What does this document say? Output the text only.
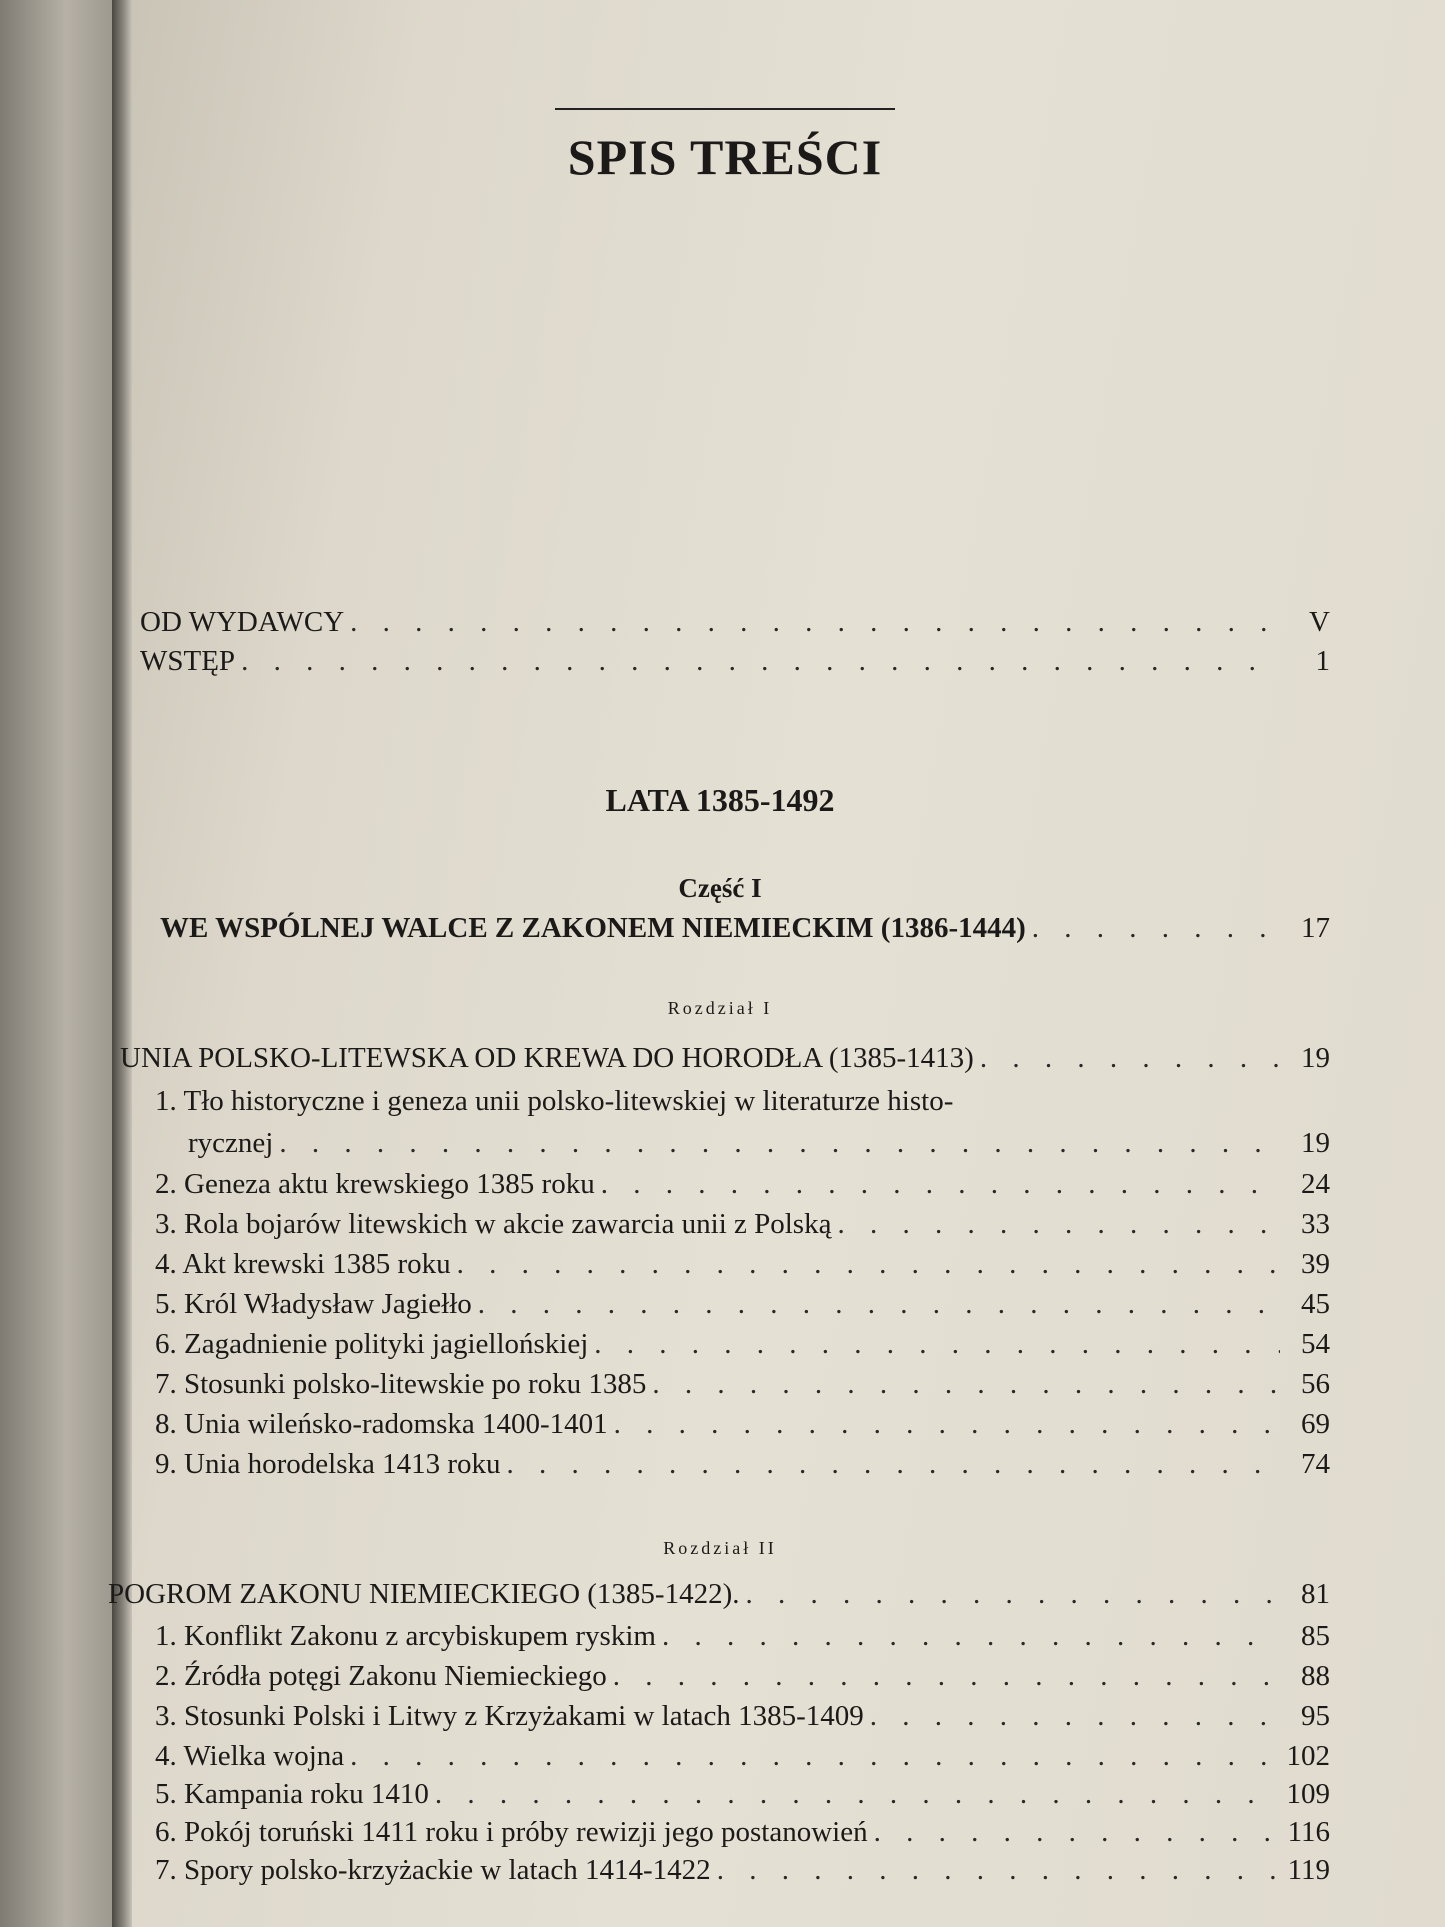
SPIS TREŚCI
OD WYDAWCY . . .	V
WSTĘP . . .	1
LATA 1385-1492
Część I
WE WSPÓLNEJ WALCE Z ZAKONEM NIEMIECKIM (1386-1444) . . .	17
Rozdział I
UNIA POLSKO-LITEWSKA OD KREWA DO HORODŁA (1385-1413) . . .	19
1. Tło historyczne i geneza unii polsko-litewskiej w literaturze histo-
rycznej . . .	19
2. Geneza aktu krewskiego 1385 roku . . .	24
3. Rola bojarów litewskich w akcie zawarcia unii z Polską . . .	33
4. Akt krewski 1385 roku . . .	39
5. Król Władysław Jagiełło . . .	45
6. Zagadnienie polityki jagiellońskiej . . .	54
7. Stosunki polsko-litewskie po roku 1385 . . .	56
8. Unia wileńsko-radomska 1400-1401 . . .	69
9. Unia horodelska 1413 roku . . .	74
Rozdział II
POGROM ZAKONU NIEMIECKIEGO (1385-1422). . . .	81
1. Konflikt Zakonu z arcybiskupem ryskim . . .	85
2. Źródła potęgi Zakonu Niemieckiego . . .	88
3. Stosunki Polski i Litwy z Krzyżakami w latach 1385-1409 . . .	95
4. Wielka wojna . . .	102
5. Kampania roku 1410 . . .	109
6. Pokój toruński 1411 roku i próby rewizji jego postanowień . . .	116
7. Spory polsko-krzyżackie w latach 1414-1422 . . .	119
